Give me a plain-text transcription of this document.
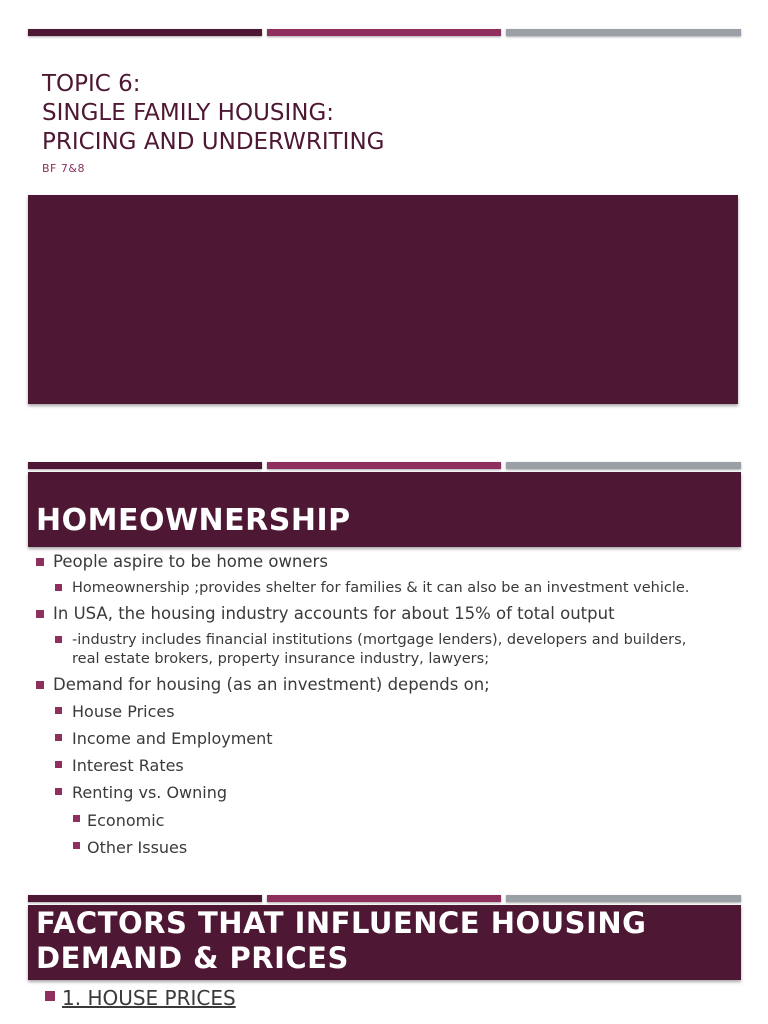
TOPIC 6:
SINGLE FAMILY HOUSING:
PRICING AND UNDERWRITING
BF 7&8
HOMEOWNERSHIP
People aspire to be home owners
Homeownership ;provides shelter for families & it can also be an investment vehicle.
In USA, the housing industry accounts for about 15% of total output
-industry includes financial institutions (mortgage lenders), developers and builders,
real estate brokers, property insurance industry, lawyers;
Demand for housing (as an investment) depends on;
House Prices
Income and Employment
Interest Rates
Renting vs. Owning
Economic
Other Issues
FACTORS THAT INFLUENCE HOUSING
DEMAND & PRICES
1. HOUSE PRICES
